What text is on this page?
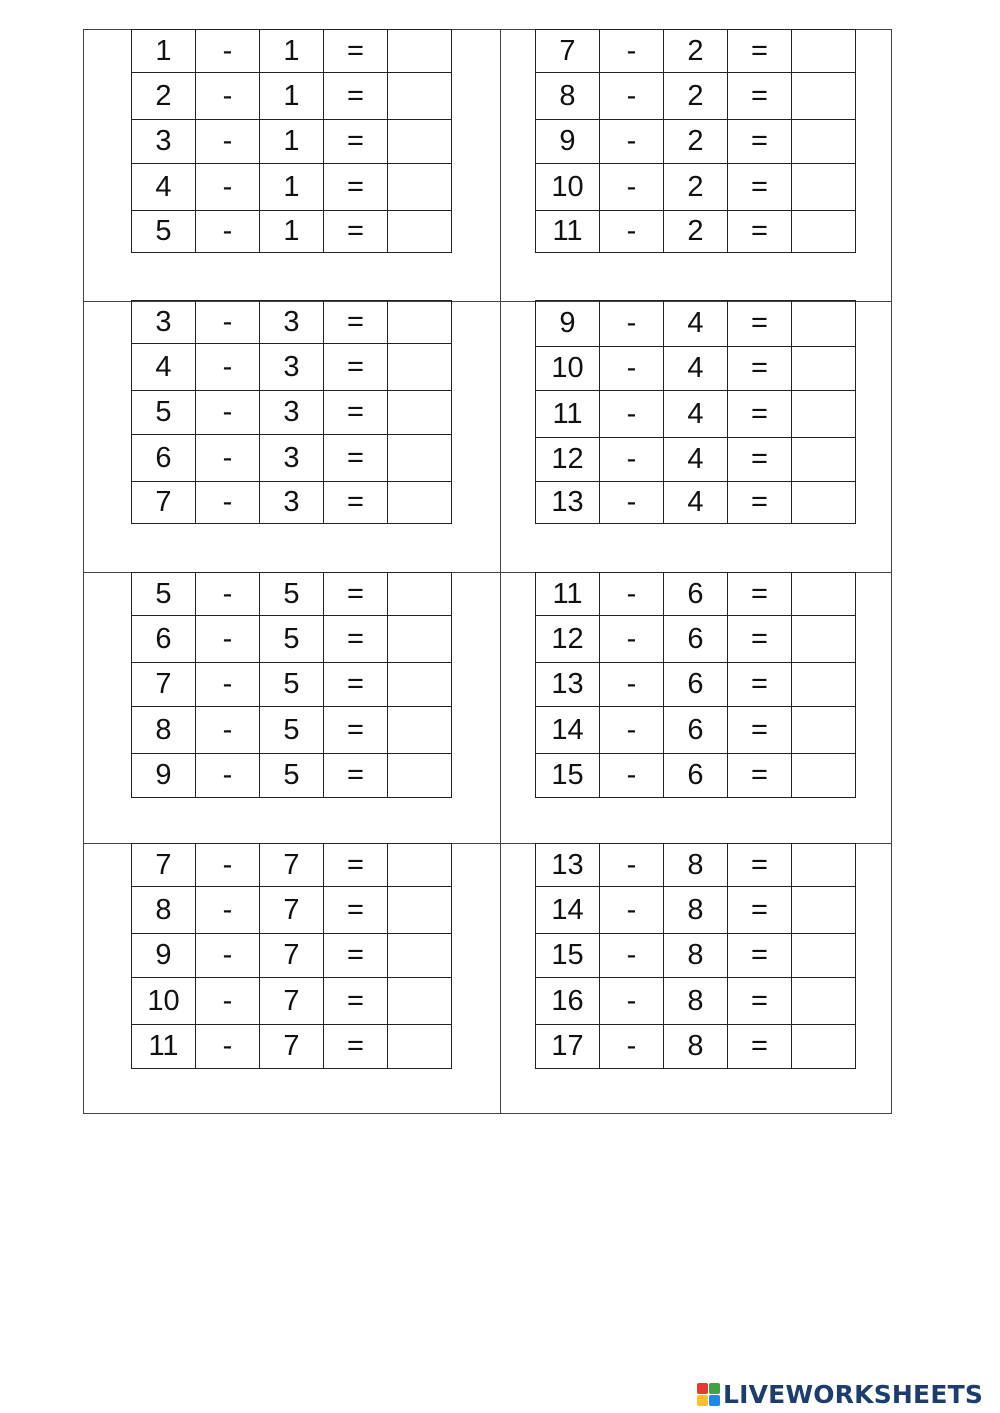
1	-	1	=
2	-	1	=
3	-	1	=
4	-	1	=
5	-	1	=
7	-	2	=
8	-	2	=
9	-	2	=
10	-	2	=
11	-	2	=
3	-	3	=
4	-	3	=
5	-	3	=
6	-	3	=
7	-	3	=
9	-	4	=
10	-	4	=
11	-	4	=
12	-	4	=
13	-	4	=
5	-	5	=
6	-	5	=
7	-	5	=
8	-	5	=
9	-	5	=
11	-	6	=
12	-	6	=
13	-	6	=
14	-	6	=
15	-	6	=
7	-	7	=
8	-	7	=
9	-	7	=
10	-	7	=
11	-	7	=
13	-	8	=
14	-	8	=
15	-	8	=
16	-	8	=
17	-	8	=
LIVEWORKSHEETS
